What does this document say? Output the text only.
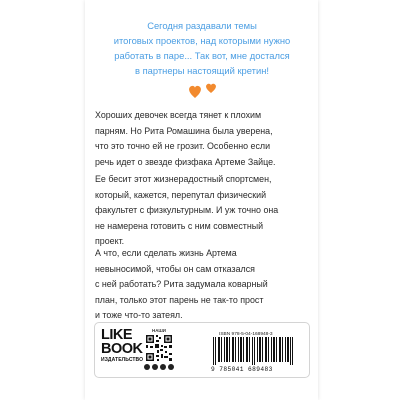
Сегодня раздавали темы
итоговых проектов, над которыми нужно
работать в паре... Так вот, мне достался
в партнеры настоящий кретин!

Хороших девочек всегда тянет к плохим
парням. Но Рита Ромашина была уверена,
что это точно ей не грозит. Особенно если
речь идет о звезде физфака Артеме Зайце.

Ее бесит этот жизнерадостный спортсмен,
который, кажется, перепутал физический
факультет с физкультурным. И уж точно она
не намерена готовить с ним совместный
проект.

А что, если сделать жизнь Артема
невыносимой, чтобы он сам отказался
с ней работать? Рита задумала коварный
план, только этот парень не так-то прост
и тоже что-то затеял.

LIKE
BOOK
ИЗДАТЕЛЬСТВО
НАШИ
ISBN 978-5-04-168948-3
9 785041 689483
